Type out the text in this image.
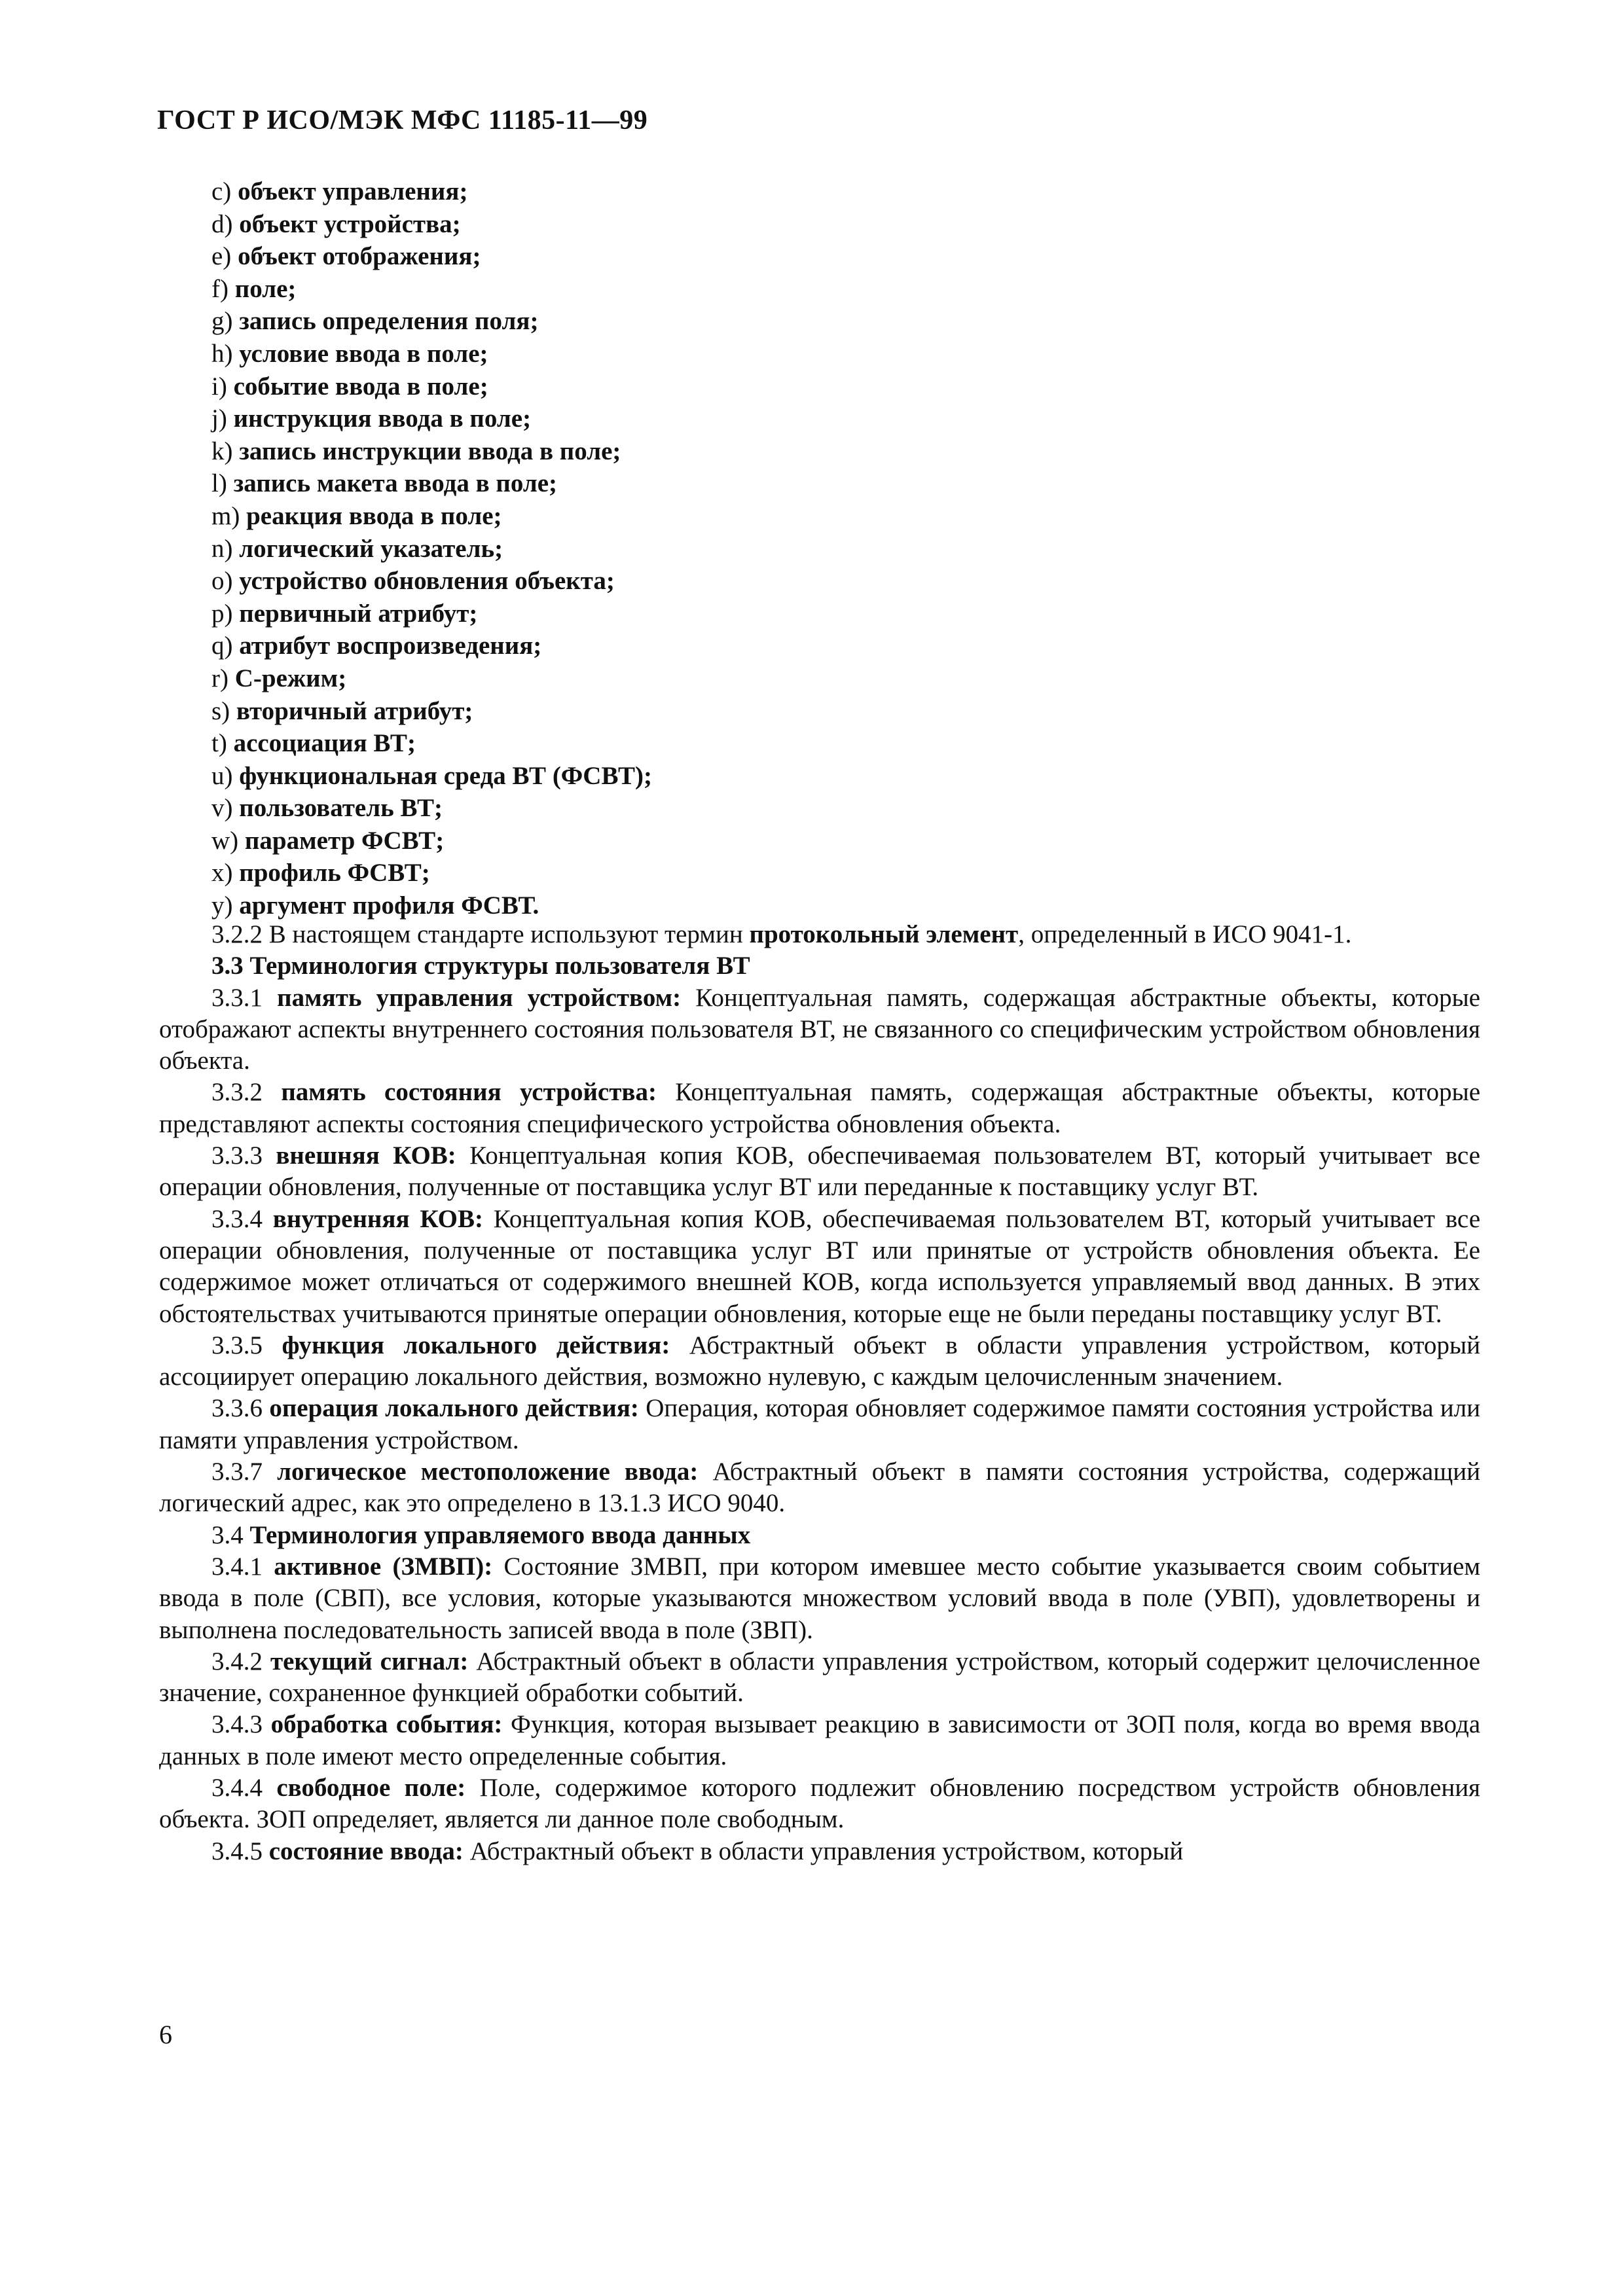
ГОСТ Р ИСО/МЭК МФС 11185-11—99
c) объект управления;
d) объект устройства;
e) объект отображения;
f) поле;
g) запись определения поля;
h) условие ввода в поле;
i) событие ввода в поле;
j) инструкция ввода в поле;
k) запись инструкции ввода в поле;
l) запись макета ввода в поле;
m) реакция ввода в поле;
n) логический указатель;
o) устройство обновления объекта;
p) первичный атрибут;
q) атрибут воспроизведения;
r) С-режим;
s) вторичный атрибут;
t) ассоциация ВТ;
u) функциональная среда ВТ (ФСВТ);
v) пользователь ВТ;
w) параметр ФСВТ;
x) профиль ФСВТ;
y) аргумент профиля ФСВТ.

3.2.2 В настоящем стандарте используют термин протокольный элемент, определенный в ИСО 9041-1.

3.3 Терминология структуры пользователя ВТ

3.3.1 память управления устройством: Концептуальная память, содержащая абстрактные объекты, которые отображают аспекты внутреннего состояния пользователя ВТ, не связанного со специфическим устройством обновления объекта.

3.3.2 память состояния устройства: Концептуальная память, содержащая абстрактные объекты, которые представляют аспекты состояния специфического устройства обновления объекта.

3.3.3 внешняя КОВ: Концептуальная копия КОВ, обеспечиваемая пользователем ВТ, который учитывает все операции обновления, полученные от поставщика услуг ВТ или переданные к поставщику услуг ВТ.

3.3.4 внутренняя КОВ: Концептуальная копия КОВ, обеспечиваемая пользователем ВТ, который учитывает все операции обновления, полученные от поставщика услуг ВТ или принятые от устройств обновления объекта. Ее содержимое может отличаться от содержимого внешней КОВ, когда используется управляемый ввод данных. В этих обстоятельствах учитываются принятые операции обновления, которые еще не были переданы поставщику услуг ВТ.

3.3.5 функция локального действия: Абстрактный объект в области управления устройством, который ассоциирует операцию локального действия, возможно нулевую, с каждым целочисленным значением.

3.3.6 операция локального действия: Операция, которая обновляет содержимое памяти состояния устройства или памяти управления устройством.

3.3.7 логическое местоположение ввода: Абстрактный объект в памяти состояния устройства, содержащий логический адрес, как это определено в 13.1.3 ИСО 9040.

3.4 Терминология управляемого ввода данных

3.4.1 активное (ЗМВП): Состояние ЗМВП, при котором имевшее место событие указывается своим событием ввода в поле (СВП), все условия, которые указываются множеством условий ввода в поле (УВП), удовлетворены и выполнена последовательность записей ввода в поле (ЗВП).

3.4.2 текущий сигнал: Абстрактный объект в области управления устройством, который содержит целочисленное значение, сохраненное функцией обработки событий.

3.4.3 обработка события: Функция, которая вызывает реакцию в зависимости от ЗОП поля, когда во время ввода данных в поле имеют место определенные события.

3.4.4 свободное поле: Поле, содержимое которого подлежит обновлению посредством устройств обновления объекта. ЗОП определяет, является ли данное поле свободным.

3.4.5 состояние ввода: Абстрактный объект в области управления устройством, который

6
